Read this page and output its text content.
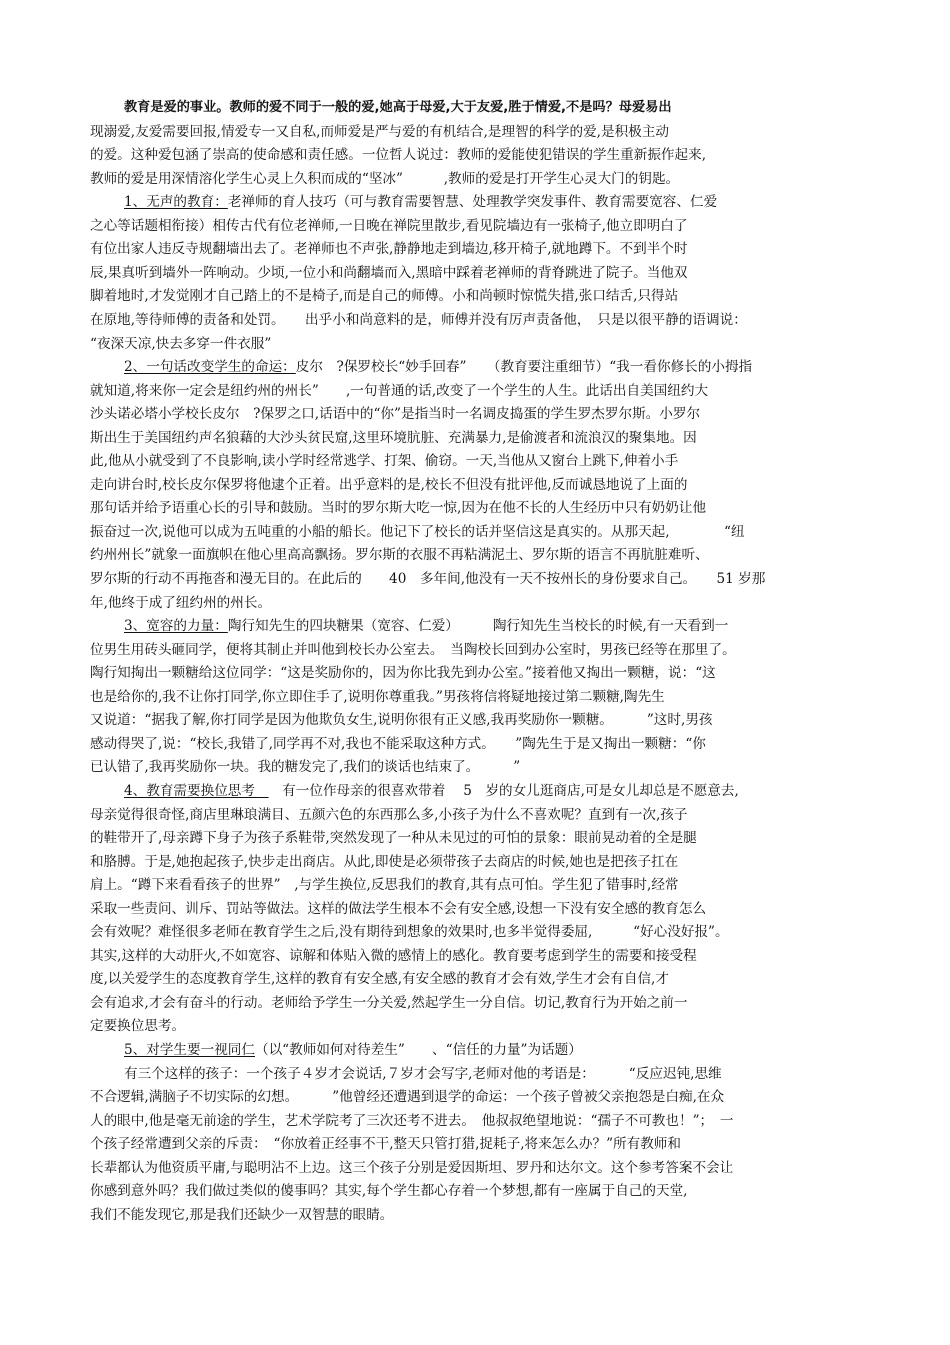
教育是爱的事业。教师的爱不同于一般的爱,她高于母爱,大于友爱,胜于情爱,不是吗？母爱易出
现溺爱,友爱需要回报,情爱专一又自私,而师爱是严与爱的有机结合,是理智的科学的爱,是积极主动
的爱。这种爱包涵了崇高的使命感和责任感。一位哲人说过：教师的爱能使犯错误的学生重新振作起来,
教师的爱是用深情溶化学生心灵上久积而成的“坚冰”　　　,教师的爱是打开学生心灵大门的钥匙。
1、无声的教育：老禅师的育人技巧（可与教育需要智慧、处理教学突发事件、教育需要宽容、仁爱
之心等话题相衔接）相传古代有位老禅师,一日晚在禅院里散步,看见院墙边有一张椅子,他立即明白了
有位出家人违反寺规翻墙出去了。老禅师也不声张,静静地走到墙边,移开椅子,就地蹲下。不到半个时
辰,果真听到墙外一阵响动。少顷,一位小和尚翻墙而入,黑暗中踩着老禅师的背脊跳进了院子。当他双
脚着地时,才发觉刚才自己踏上的不是椅子,而是自己的师傅。小和尚顿时惊慌失措,张口结舌,只得站
在原地,等待师傅的责备和处罚。　　出乎小和尚意料的是，师傅并没有厉声责备他，　只是以很平静的语调说：
“夜深天凉,快去多穿一件衣服”
2、一句话改变学生的命运：皮尔　?保罗校长“妙手回春”　　（教育要注重细节）“我一看你修长的小拇指
就知道,将来你一定会是纽约州的州长”　　,一句普通的话,改变了一个学生的人生。此话出自美国纽约大
沙头诺必塔小学校长皮尔　?保罗之口,话语中的“你”是指当时一名调皮捣蛋的学生罗杰罗尔斯。小罗尔
斯出生于美国纽约声名狼藉的大沙头贫民窟,这里环境肮脏、充满暴力,是偷渡者和流浪汉的聚集地。因
此,他从小就受到了不良影响,读小学时经常逃学、打架、偷窃。一天,当他从又窗台上跳下,伸着小手
走向讲台时,校长皮尔保罗将他逮个正着。出乎意料的是,校长不但没有批评他,反而诚恳地说了上面的
那句话并给予语重心长的引导和鼓励。当时的罗尔斯大吃一惊,因为在他不长的人生经历中只有奶奶让他
振奋过一次,说他可以成为五吨重的小船的船长。他记下了校长的话并坚信这是真实的。从那天起,　　　　“纽
约州州长”就象一面旗帜在他心里高高飘扬。罗尔斯的衣服不再粘满泥土、罗尔斯的语言不再肮脏难听、
罗尔斯的行动不再拖沓和漫无目的。在此后的　　40　多年间,他没有一天不按州长的身份要求自己。　　51 岁那
年,他终于成了纽约州的州长。
3、宽容的力量：陶行知先生的四块糖果（宽容、仁爱）　　　陶行知先生当校长的时候,有一天看到一
位男生用砖头砸同学，便将其制止并叫他到校长办公室去。　当陶校长回到办公室时，男孩已经等在那里了。
陶行知掏出一颗糖给这位同学：“这是奖励你的，因为你比我先到办公室。”接着他又掏出一颗糖，说：“这
也是给你的,我不让你打同学,你立即住手了,说明你尊重我。”男孩将信将疑地接过第二颗糖,陶先生
又说道：“据我了解,你打同学是因为他欺负女生,说明你很有正义感,我再奖励你一颗糖。　　　”这时,男孩
感动得哭了,说：“校长,我错了,同学再不对,我也不能采取这种方式。　　”陶先生于是又掏出一颗糖：“你
已认错了,我再奖励你一块。我的糖发完了,我们的谈话也结束了。　　　”
4、教育需要换位思考　　有一位作母亲的很喜欢带着　 5　岁的女儿逛商店,可是女儿却总是不愿意去,
母亲觉得很奇怪,商店里琳琅满目、五颜六色的东西那么多,小孩子为什么不喜欢呢？直到有一次,孩子
的鞋带开了,母亲蹲下身子为孩子系鞋带,突然发现了一种从未见过的可怕的景象：眼前晃动着的全是腿
和胳膊。于是,她抱起孩子,快步走出商店。从此,即使是必须带孩子去商店的时候,她也是把孩子扛在
肩上。“蹲下来看看孩子的世界”　,与学生换位,反思我们的教育,其有点可怕。学生犯了错事时,经常
采取一些责问、训斥、罚站等做法。这样的做法学生根本不会有安全感,设想一下没有安全感的教育怎么
会有效呢？难怪很多老师在教育学生之后,没有期待到想象的效果时,也多半觉得委屈,　　　“好心没好报”。
其实,这样的大动肝火,不如宽容、谅解和体贴入微的感情上的感化。教育要考虑到学生的需要和接受程
度,以关爱学生的态度教育学生,这样的教育有安全感,有安全感的教育才会有效,学生才会有自信,才
会有追求,才会有奋斗的行动。老师给予学生一分关爱,然起学生一分自信。切记,教育行为开始之前一
定要换位思考。
5、对学生要一视同仁（以“教师如何对待差生”　　、“信任的力量”为话题）
有三个这样的孩子：一个孩子４岁才会说话,７岁才会写字,老师对他的考语是：　　　“反应迟钝,思维
不合逻辑,满脑子不切实际的幻想。　　　”他曾经还遭遇到退学的命运：一个孩子曾被父亲抱怨是白痴,在众
人的眼中,他是毫无前途的学生，艺术学院考了三次还考不进去。　他叔叔绝望地说：“孺子不可教也！”；　一
个孩子经常遭到父亲的斥责：　“你放着正经事不干,整天只管打猎,捉耗子,将来怎么办？”所有教师和
长辈都认为他资质平庸,与聪明沾不上边。这三个孩子分别是爱因斯坦、罗丹和达尔文。这个参考答案不会让
你感到意外吗？我们做过类似的傻事吗？其实,每个学生都心存着一个梦想,都有一座属于自己的天堂,
我们不能发现它,那是我们还缺少一双智慧的眼睛。
